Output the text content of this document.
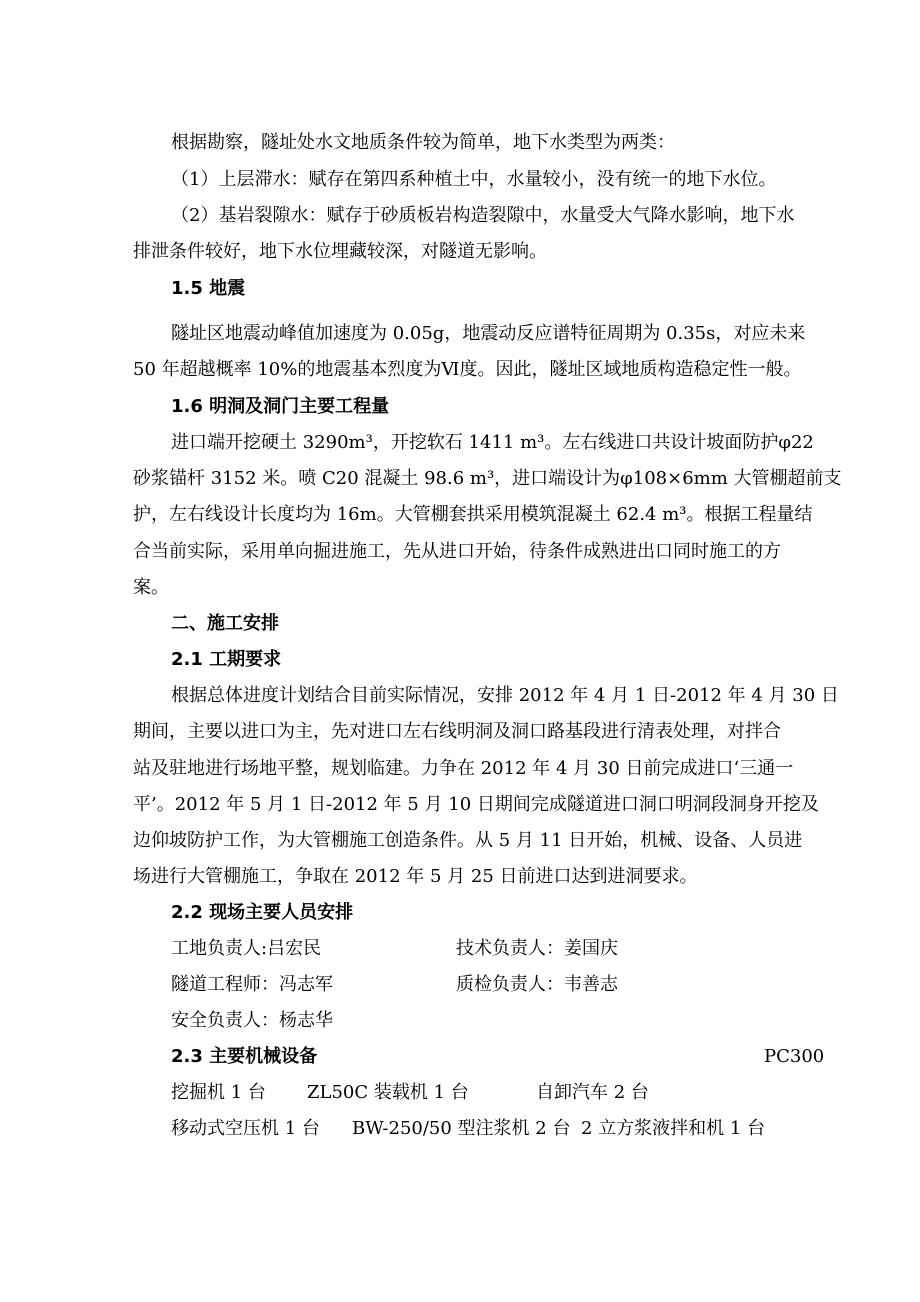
根据勘察，隧址处水文地质条件较为简单，地下水类型为两类：
（1）上层滞水：赋存在第四系种植土中，水量较小，没有统一的地下水位。
（2）基岩裂隙水：赋存于砂质板岩构造裂隙中，水量受大气降水影响，地下水
排泄条件较好，地下水位埋藏较深，对隧道无影响。
1.5 地震
隧址区地震动峰值加速度为 0.05g，地震动反应谱特征周期为 0.35s，对应未来
50 年超越概率 10%的地震基本烈度为Ⅵ度。因此，隧址区域地质构造稳定性一般。
1.6 明洞及洞门主要工程量
进口端开挖硬土 3290m³，开挖软石 1411 m³。左右线进口共设计坡面防护φ22
砂浆锚杆 3152 米。喷 C20 混凝土 98.6 m³，进口端设计为φ108×6mm 大管棚超前支
护，左右线设计长度均为 16m。大管棚套拱采用模筑混凝土 62.4 m³。根据工程量结
合当前实际，采用单向掘进施工，先从进口开始，待条件成熟进出口同时施工的方
案。
二、施工安排
2.1 工期要求
根据总体进度计划结合目前实际情况，安排 2012 年 4 月 1 日-2012 年 4 月 30 日
期间，主要以进口为主，先对进口左右线明洞及洞口路基段进行清表处理，对拌合
站及驻地进行场地平整，规划临建。力争在 2012 年 4 月 30 日前完成进口‘三通一
平’。2012 年 5 月 1 日-2012 年 5 月 10 日期间完成隧道进口洞口明洞段洞身开挖及
边仰坡防护工作，为大管棚施工创造条件。从 5 月 11 日开始，机械、设备、人员进
场进行大管棚施工，争取在 2012 年 5 月 25 日前进口达到进洞要求。
2.2 现场主要人员安排
工地负责人:吕宏民	技术负责人：姜国庆
隧道工程师：冯志军	质检负责人：韦善志
安全负责人：杨志华
2.3 主要机械设备	PC300
挖掘机 1 台 ZL50C 装载机 1 台	自卸汽车 2 台
移动式空压机 1 台 BW-250/50 型注浆机 2 台 2 立方浆液拌和机 1 台
